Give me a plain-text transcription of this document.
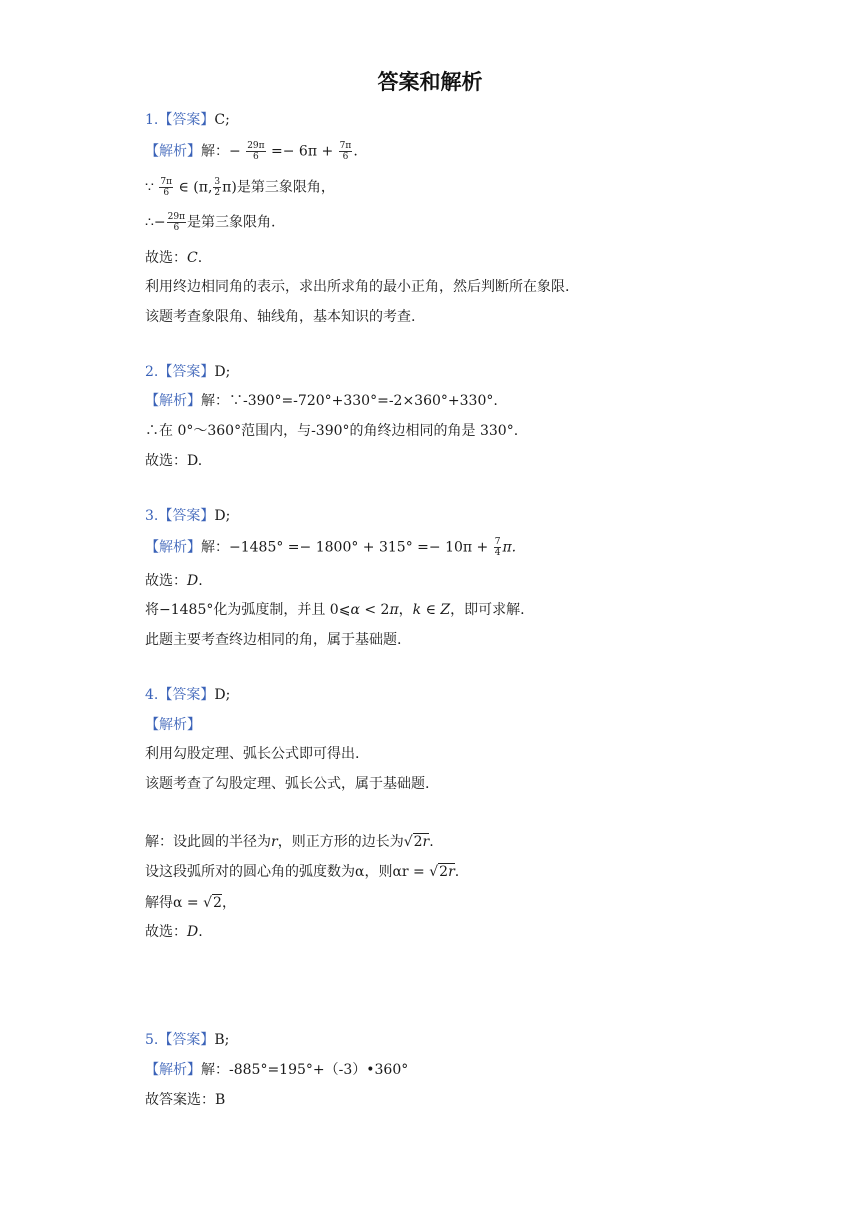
答案和解析
1.【答案】C;
【解析】解：− $\frac{29\pi}{6} =- 6\pi + \frac{7\pi}{6}$ .
∵ $\frac{7\pi}{6}$ ∈ (π, $\frac{3}{2} \pi$)是第三象限角，
∴− $\frac{29\pi}{6}$ 是第三象限角.
故选：C.
利用终边相同角的表示，求出所求角的最小正角，然后判断所在象限.
该题考查象限角、轴线角，基本知识的考查.
2.【答案】D;
【解析】解：∵-390°=-720°+330°=-2×360°+330°.
∴在 0°～360°范围内，与-390°的角终边相同的角是 330°.
故选：D.
3.【答案】D;
【解析】解：$-1485^\circ =- 1800^\circ + 315^\circ =- 10\pi + \frac{7}{4} \pi$.
故选：D.
将−1485°化为弧度制，并且 0⩽α < 2π，k ∈ Z，即可求解.
此题主要考查终边相同的角，属于基础题.
4.【答案】D;
【解析】
利用勾股定理、弧长公式即可得出.
该题考查了勾股定理、弧长公式，属于基础题.
解：设此圆的半径为r，则正方形的边长为√2r.
设这段弧所对的圆心角的弧度数为α，则αr = √2r.
解得α = √2，
故选：D.
5.【答案】B;
【解析】解：-885°=195°+（-3）•360°
故答案选：B
